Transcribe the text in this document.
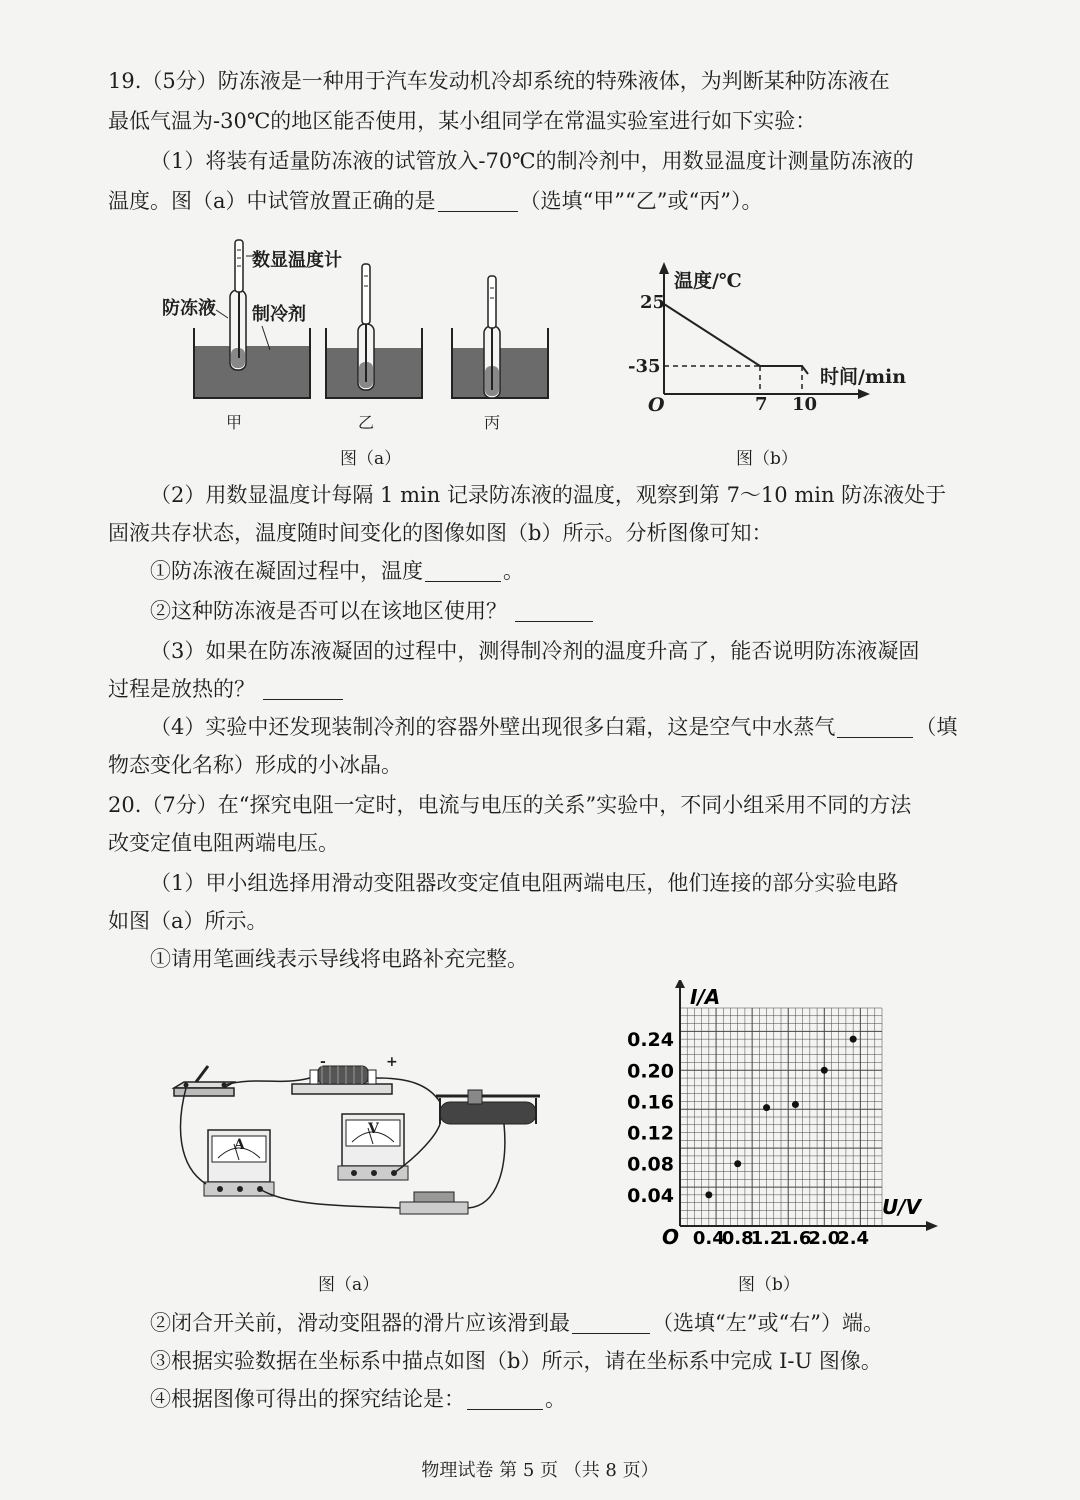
19.（5分）防冻液是一种用于汽车发动机冷却系统的特殊液体，为判断某种防冻液在
最低气温为-30℃的地区能否使用，某小组同学在常温实验室进行如下实验：
（1）将装有适量防冻液的试管放入-70℃的制冷剂中，用数显温度计测量防冻液的
温度。图（a）中试管放置正确的是	（选填“甲”“乙”或“丙”）。
数显温度计
防冻液 制冷剂
甲	乙	丙
图（a）
温度/℃
25
-35	时间/min
O	7 10
图（b）
（2）用数显温度计每隔 1 min 记录防冻液的温度，观察到第 7～10 min 防冻液处于
固液共存状态，温度随时间变化的图像如图（b）所示。分析图像可知：
①防冻液在凝固过程中，温度	。
②这种防冻液是否可以在该地区使用？
（3）如果在防冻液凝固的过程中，测得制冷剂的温度升高了，能否说明防冻液凝固
过程是放热的？
（4）实验中还发现装制冷剂的容器外壁出现很多白霜，这是空气中水蒸气	（填
物态变化名称）形成的小冰晶。
20.（7分）在“探究电阻一定时，电流与电压的关系”实验中，不同小组采用不同的方法
改变定值电阻两端电压。
（1）甲小组选择用滑动变阻器改变定值电阻两端电压，他们连接的部分实验电路
如图（a）所示。
①请用笔画线表示导线将电路补充完整。
A
V
-	+
图（a）
0.04
0.08
0.12
0.16
0.20
0.24
0.4
0.8
1.2
1.6
2.0
2.4
I/A
U/V
O
图（b）
②闭合开关前，滑动变阻器的滑片应该滑到最	（选填“左”或“右”）端。
③根据实验数据在坐标系中描点如图（b）所示，请在坐标系中完成 I-U 图像。
④根据图像可得出的探究结论是：	。
物理试卷 第 5 页 （共 8 页）
